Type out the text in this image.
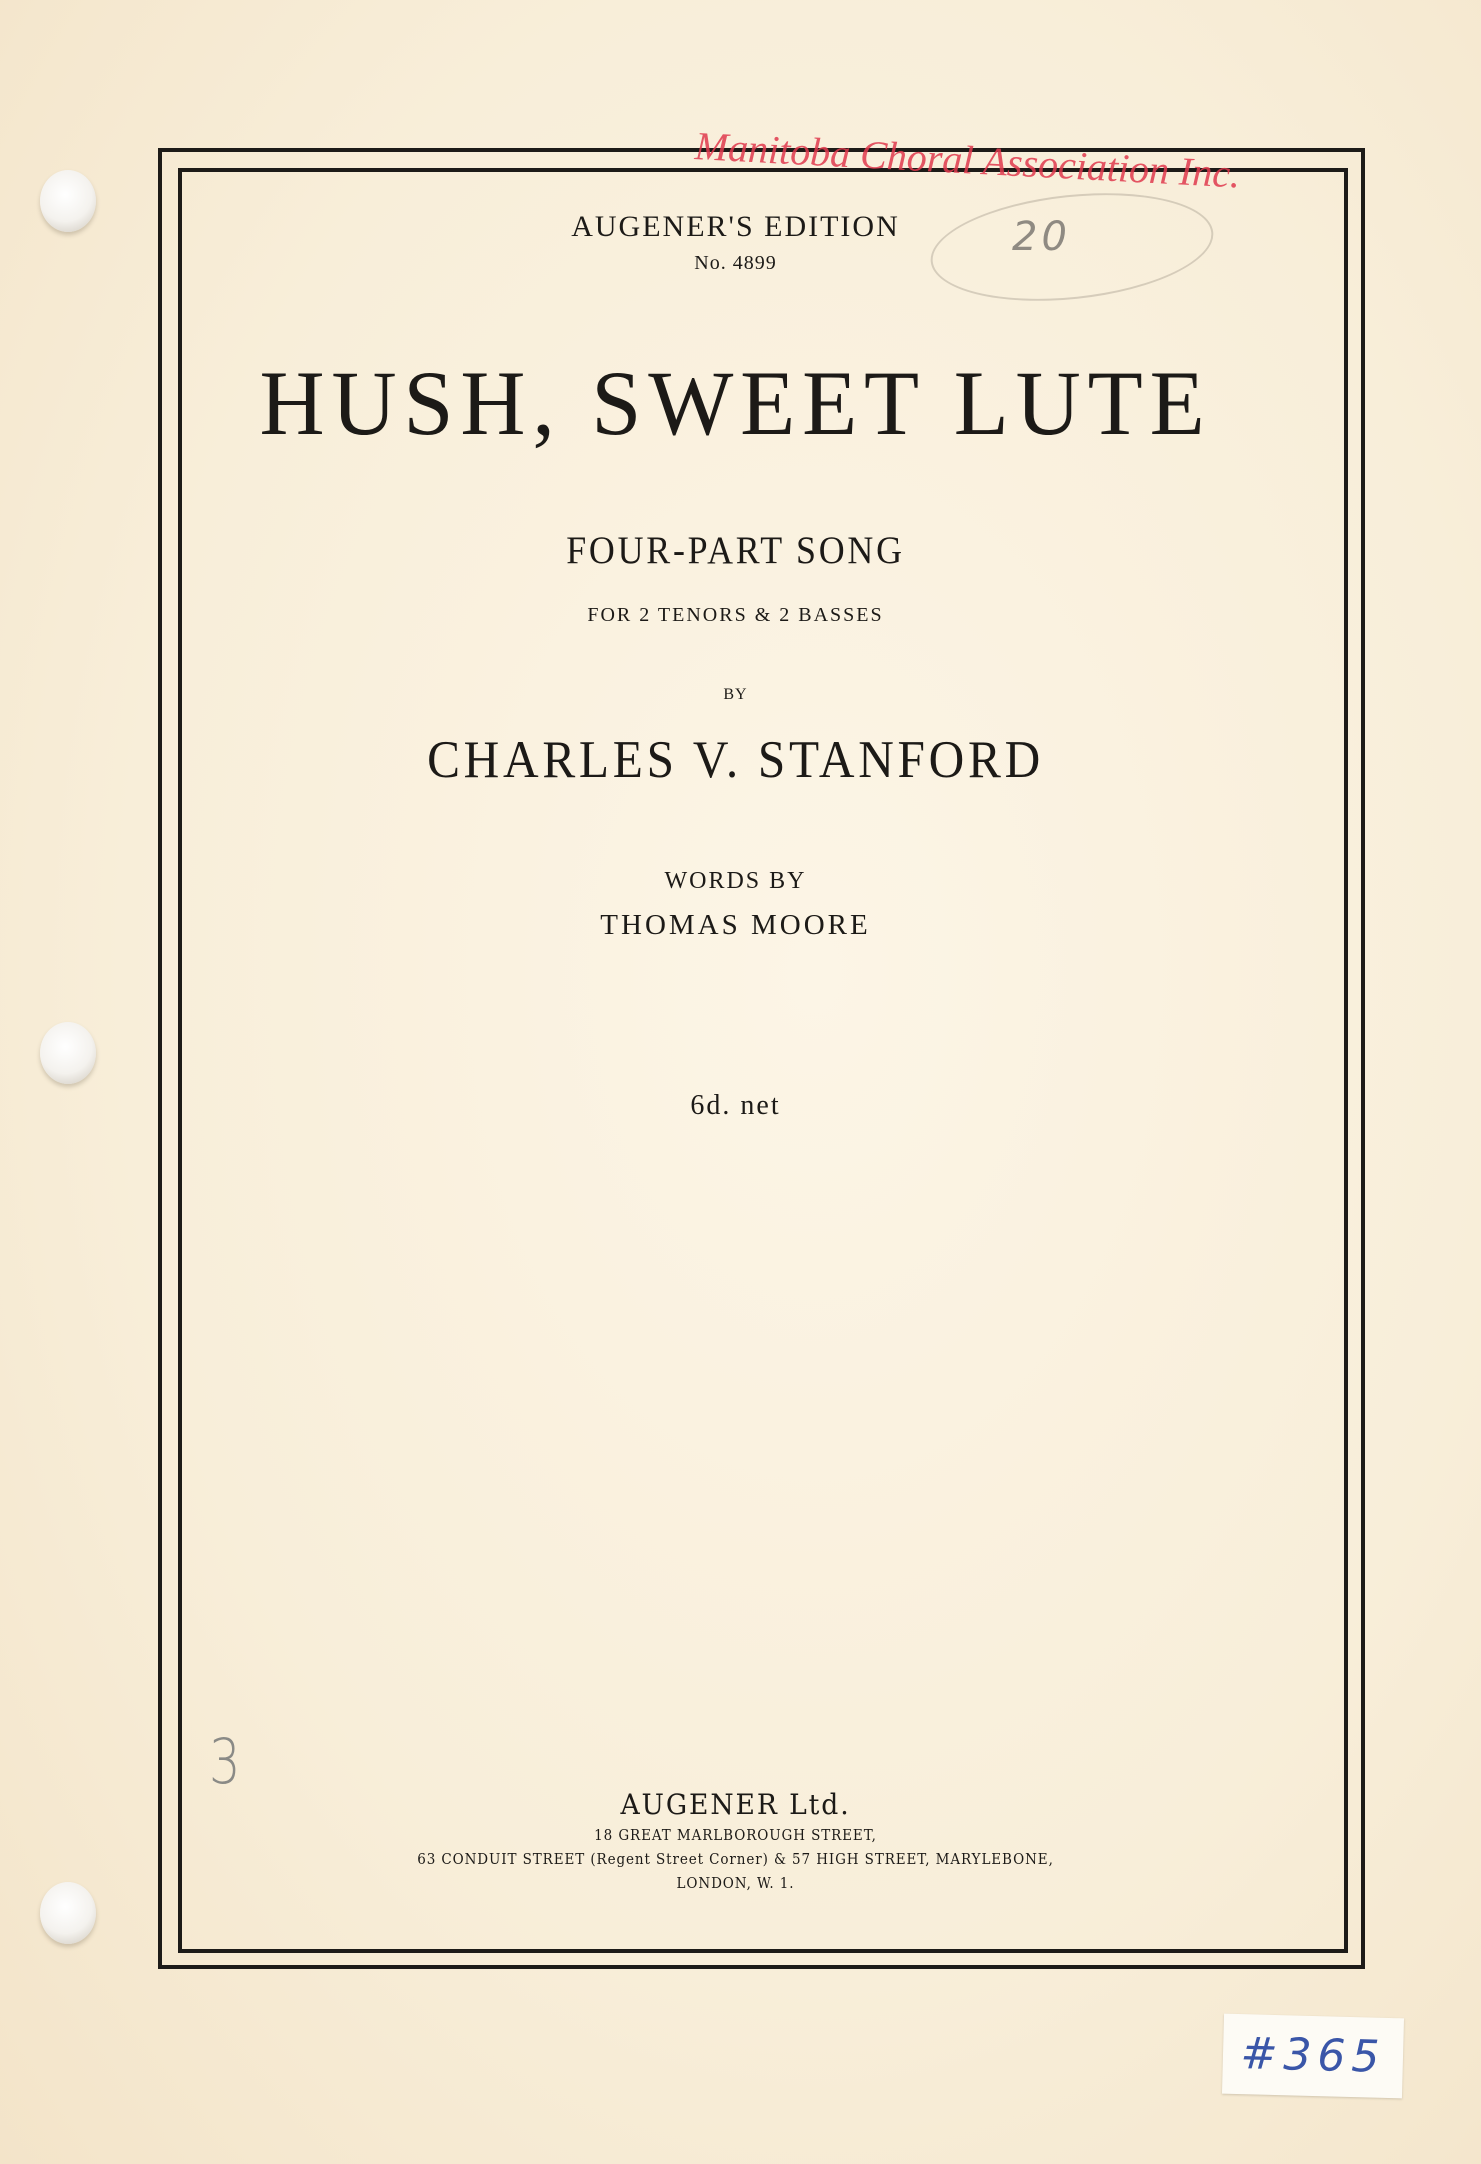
Manitoba Choral Association Inc.
20
AUGENER'S EDITION
No. 4899
HUSH, SWEET LUTE
FOUR-PART SONG
FOR 2 TENORS & 2 BASSES
BY
CHARLES V. STANFORD
WORDS BY
THOMAS MOORE
6d. net
3
AUGENER Ltd.
18 GREAT MARLBOROUGH STREET,
63 CONDUIT STREET (Regent Street Corner) & 57 HIGH STREET, MARYLEBONE,
LONDON, W. 1.
#365
